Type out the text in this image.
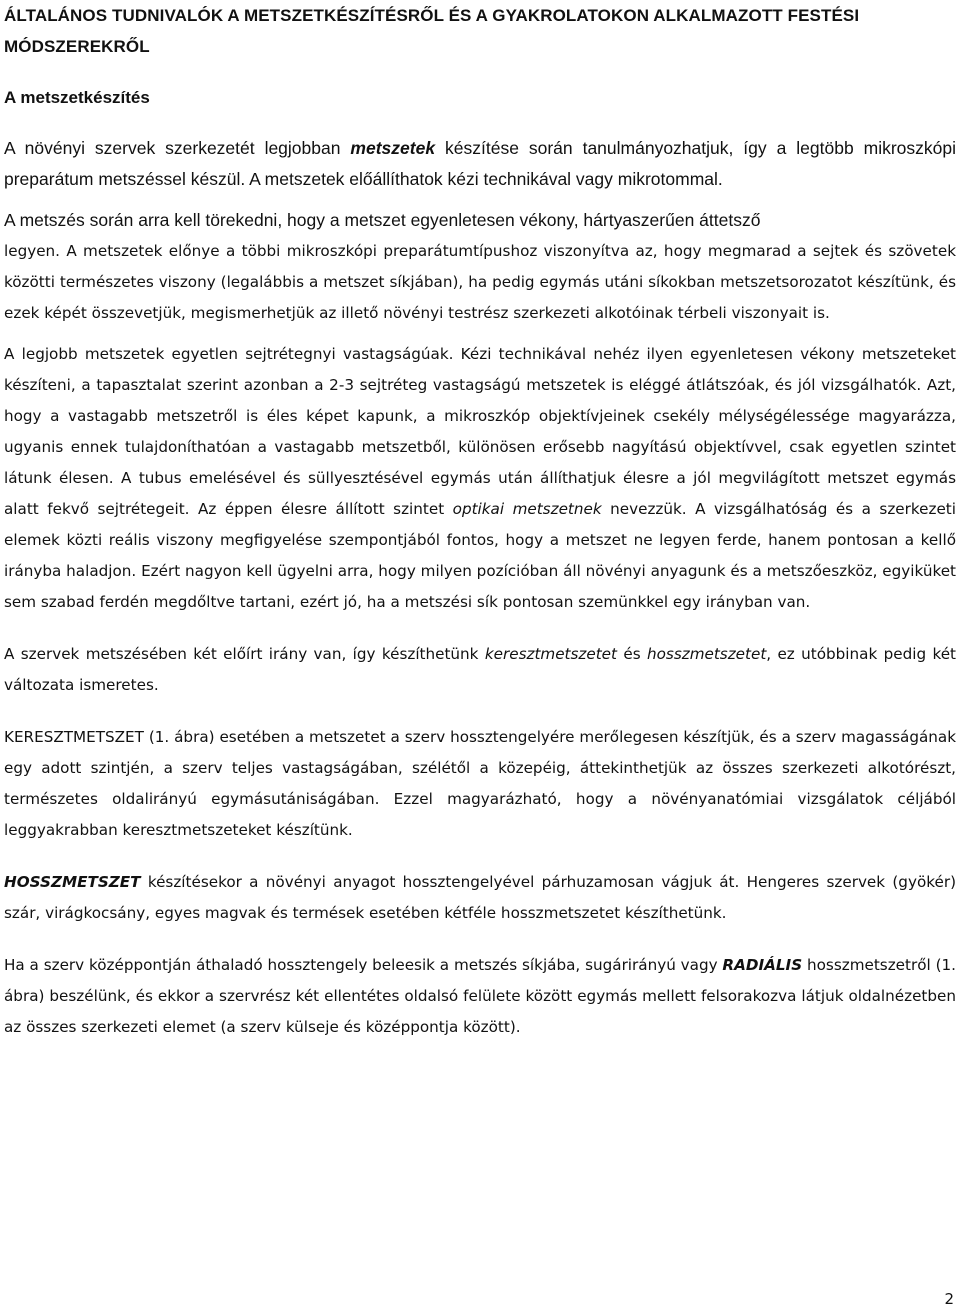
ÁLTALÁNOS TUDNIVALÓK A METSZETKÉSZÍTÉSRŐL ÉS A GYAKROLATOKON ALKALMAZOTT FESTÉSI MÓDSZEREKRŐL
A metszetkészítés

A növényi szervek szerkezetét legjobban metszetek készítése során tanulmányozhatjuk, így a legtöbb mikroszkópi preparátum metszéssel készül. A metszetek előállíthatok kézi technikával vagy mikrotommal.

A metszés során arra kell törekedni, hogy a metszet egyenletesen vékony, hártyaszerűen áttetsző

legyen. A metszetek előnye a többi mikroszkópi preparátumtípushoz viszonyítva az, hogy megmarad a sejtek és szövetek közötti természetes viszony (legalábbis a metszet síkjában), ha pedig egymás utáni síkokban metszetsorozatot készítünk, és ezek képét összevetjük, megismerhetjük az illető növényi testrész szerkezeti alkotóinak térbeli viszonyait is.

A legjobb metszetek egyetlen sejtrétegnyi vastagságúak. Kézi technikával nehéz ilyen egyenletesen vékony metszeteket készíteni, a tapasztalat szerint azonban a 2-3 sejtréteg vastagságú metszetek is eléggé átlátszóak, és jól vizsgálhatók. Azt, hogy a vastagabb metszetről is éles képet kapunk, a mikroszkóp objektívjeinek csekély mélységélessége magyarázza, ugyanis ennek tulajdoníthatóan a vastagabb metszetből, különösen erősebb nagyítású objektívvel, csak egyetlen szintet látunk élesen. A tubus emelésével és süllyesztésével egymás után állíthatjuk élesre a jól megvilágított metszet egymás alatt fekvő sejtrétegeit. Az éppen élesre állított szintet optikai metszetnek nevezzük. A vizsgálhatóság és a szerkezeti elemek közti reális viszony megfigyelése szempontjából fontos, hogy a metszet ne legyen ferde, hanem pontosan a kellő irányba haladjon. Ezért nagyon kell ügyelni arra, hogy milyen pozícióban áll növényi anyagunk és a metszőeszköz, egyiküket sem szabad ferdén megdőltve tartani, ezért jó, ha a metszési sík pontosan szemünkkel egy irányban van.

A szervek metszésében két előírt irány van, így készíthetünk keresztmetszetet és hosszmetszetet, ez utóbbinak pedig két változata ismeretes.

KERESZTMETSZET (1. ábra) esetében a metszetet a szerv hossztengelyére merőlegesen készítjük, és a szerv magasságának egy adott szintjén, a szerv teljes vastagságában, szélétől a közepéig, áttekinthetjük az összes szerkezeti alkotórészt, természetes oldalirányú egymásutániságában. Ezzel magyarázható, hogy a növényanatómiai vizsgálatok céljából leggyakrabban keresztmetszeteket készítünk.

HOSSZMETSZET készítésekor a növényi anyagot hossztengelyével párhuzamosan vágjuk át. Hengeres szervek (gyökér) szár, virágkocsány, egyes magvak és termések esetében kétféle hosszmetszetet készíthetünk.

Ha a szerv középpontján áthaladó hossztengely beleesik a metszés síkjába, sugárirányú vagy RADIÁLIS hosszmetszetről (1. ábra) beszélünk, és ekkor a szervrész két ellentétes oldalsó felülete között egymás mellett felsorakozva látjuk oldalnézetben az összes szerkezeti elemet (a szerv külseje és középpontja között).

2
